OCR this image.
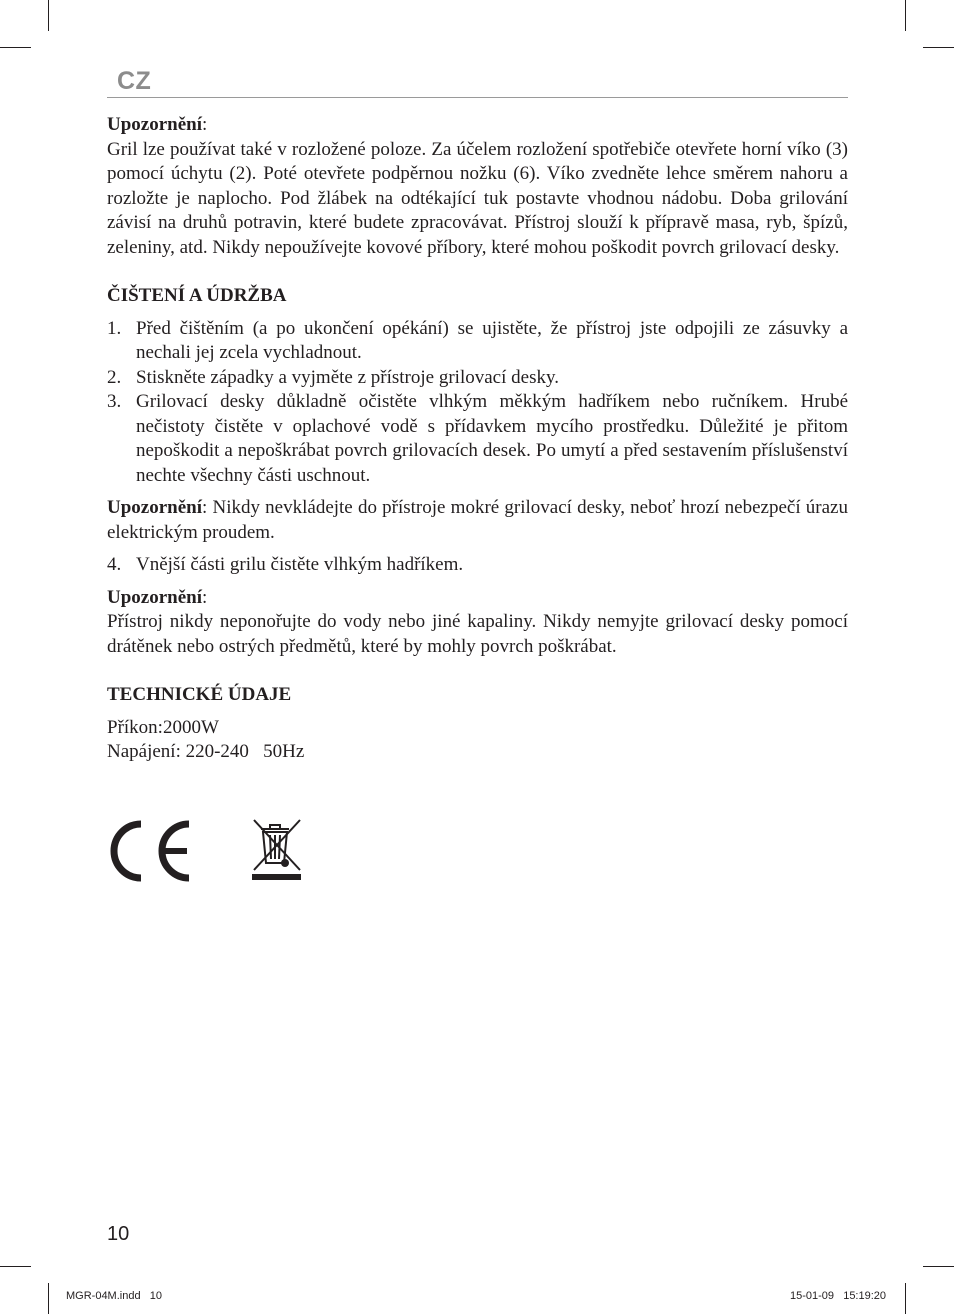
CZ

Upozornění:

Gril lze používat také v rozložené poloze. Za účelem rozložení spotřebiče otevřete horní víko (3) pomocí úchytu (2). Poté otevřete podpěrnou nožku (6). Víko zvedněte lehce směrem nahoru a rozložte je naplocho. Pod žlábek na odtékající tuk postavte vhodnou nádobu. Doba grilování závisí na druhů potravin, které budete zpracovávat. Přístroj slouží k přípravě masa, ryb, špízů, zeleniny, atd. Nikdy nepoužívejte kovové příbory, které mohou poškodit povrch grilovací desky.

ČIŠTENÍ A ÚDRŽBA

1. Před čištěním (a po ukončení opékání) se ujistěte, že přístroj jste odpojili ze zásuvky a nechali jej zcela vychladnout.
2. Stiskněte západky a vyjměte z přístroje grilovací desky.
3. Grilovací desky důkladně očistěte vlhkým měkkým hadříkem nebo ručníkem. Hrubé nečistoty čistěte v oplachové vodě s přídavkem mycího prostředku. Důležité je přitom nepoškodit a nepoškrábat povrch grilovacích desek. Po umytí a před sestavením příslušenství nechte všechny části uschnout.

Upozornění: Nikdy nevkládejte do přístroje mokré grilovací desky, neboť hrozí nebezpečí úrazu elektrickým proudem.

4. Vnější části grilu čistěte vlhkým hadříkem.

Upozornění:

Přístroj nikdy neponořujte do vody nebo jiné kapaliny. Nikdy nemyjte grilovací desky pomocí drátěnek nebo ostrých předmětů, které by mohly povrch poškrábat.

TECHNICKÉ ÚDAJE

Příkon:2000W

Napájení: 220-240   50Hz

10
MGR-04M.indd   10	15-01-09   15:19:20
